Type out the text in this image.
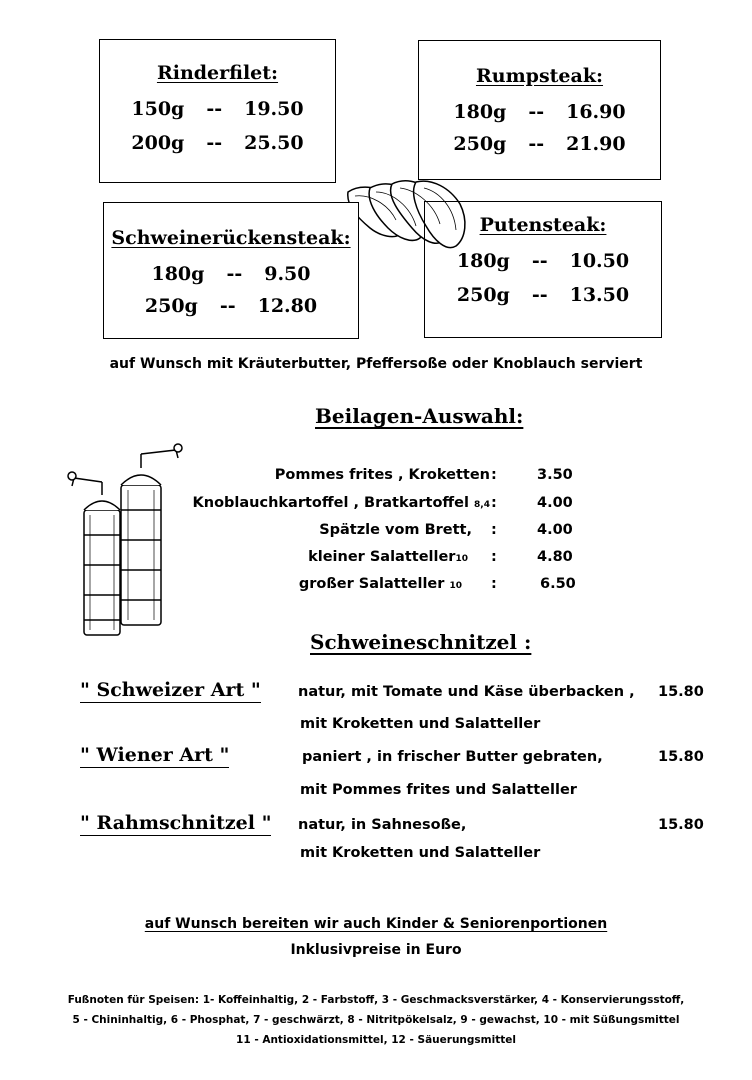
Rinderfilet:
150g -- 19.50
200g -- 25.50
Rumpsteak:
180g -- 16.90
250g -- 21.90
Schweinerückensteak:
180g -- 9.50
250g -- 12.80
Putensteak:
180g -- 10.50
250g -- 13.50
auf Wunsch mit Kräuterbutter, Pfeffersoße oder Knoblauch serviert
Beilagen-Auswahl:
Pommes frites , Kroketten :	3.50
Knoblauchkartoffel , Bratkartoffel 8,4 :	4.00
Spätzle vom Brett, :	4.00
kleiner Salatteller10 :	4.80
großer Salatteller 10 :	6.50
Schweineschnitzel :
" Schweizer Art "	natur, mit Tomate und Käse überbacken , 15.80
mit Kroketten und Salatteller
" Wiener Art "	paniert , in frischer Butter gebraten,	15.80
mit Pommes frites und Salatteller
" Rahmschnitzel " natur, in Sahnesoße,	15.80
mit Kroketten und Salatteller
auf Wunsch bereiten wir auch Kinder & Seniorenportionen
Inklusivpreise in Euro
Fußnoten für Speisen: 1- Koffeinhaltig, 2 - Farbstoff, 3 - Geschmacksverstärker, 4 - Konservierungsstoff,
5 - Chininhaltig, 6 - Phosphat, 7 - geschwärzt, 8 - Nitritpökelsalz, 9 - gewachst, 10 - mit Süßungsmittel
11 - Antioxidationsmittel, 12 - Säuerungsmittel
